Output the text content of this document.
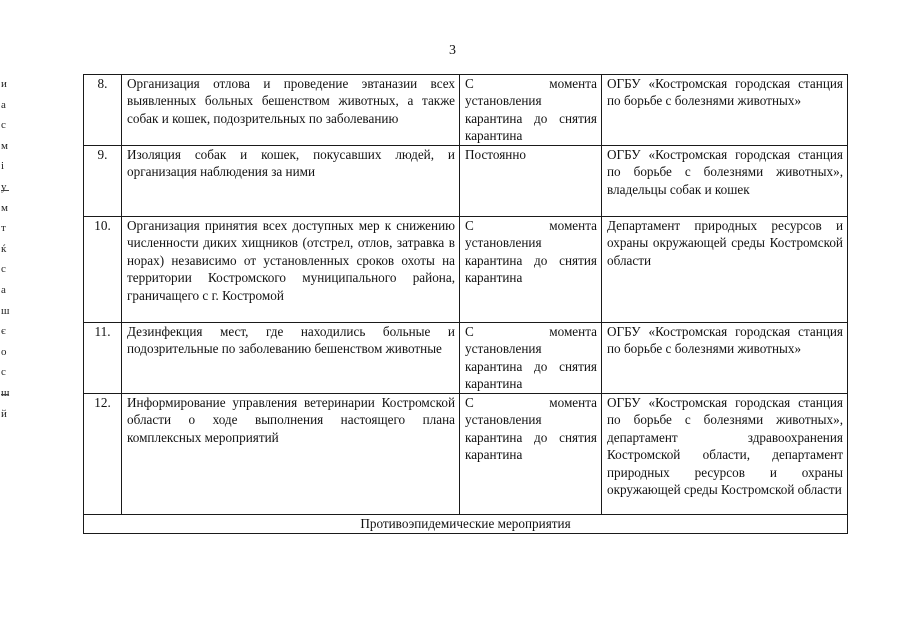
3
и
а
с
м
і
у
м
т
ќ
с
а
ш
є
о
с
ш
й
8.	Организация отлова и проведение эвтаназии всех выявленных больных бешенством животных, а также собак и кошек, подозрительных по заболеванию	С момента установления карантина до снятия карантина	ОГБУ «Костромская городская станция по борьбе с болезнями животных»
9.	Изоляция собак и кошек, покусавших людей, и организация наблюдения за ними	Постоянно	ОГБУ «Костромская городская станция по борьбе с болезнями животных», владельцы собак и кошек
10.	Организация принятия всех доступных мер к снижению численности диких хищников (отстрел, отлов, затравка в норах) независимо от установленных сроков охоты на территории Костромского муниципального района, граничащего с г. Костромой	С момента установления карантина до снятия карантина	Департамент природных ресурсов и охраны окружающей среды Костромской области
11.	Дезинфекция мест, где находились больные и подозрительные по заболеванию бешенством животные	С момента установления карантина до снятия карантина	ОГБУ «Костромская городская станция по борьбе с болезнями животных»
12.	Информирование управления ветеринарии Костромской области о ходе выполнения настоящего плана комплексных мероприятий	С момента установления карантина до снятия карантина	ОГБУ «Костромская городская станция по борьбе с болезнями животных», департамент здравоохранения Костромской области, департамент природных ресурсов и охраны окружающей среды Костромской области
Противоэпидемические мероприятия			
